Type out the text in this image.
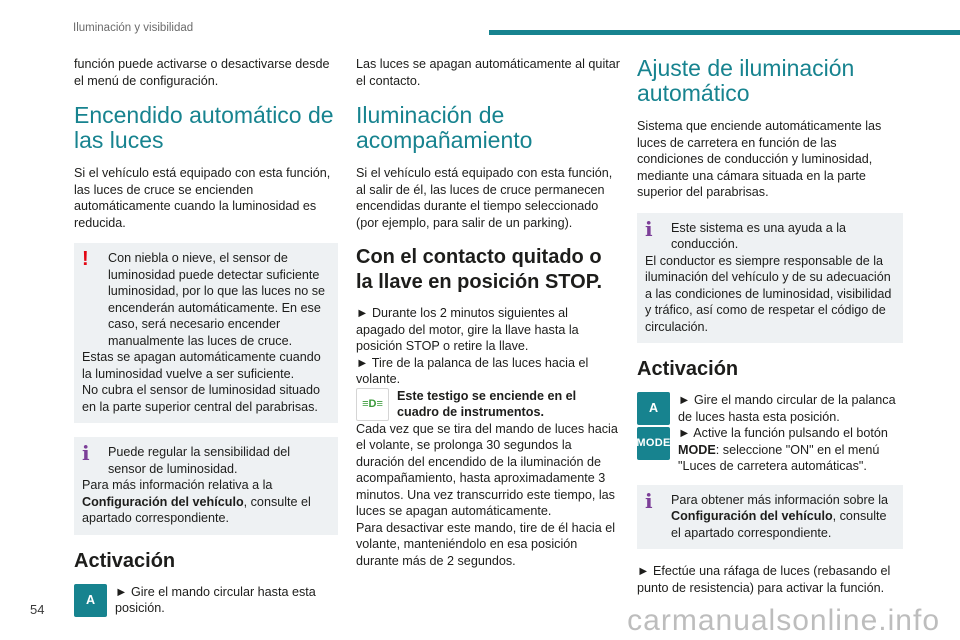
Iluminación y visibilidad

función puede activarse o desactivarse desde el menú de configuración.

Encendido automático de las luces

Si el vehículo está equipado con esta función, las luces de cruce se encienden automáticamente cuando la luminosidad es reducida.

!	Con niebla o nieve, el sensor de luminosidad puede detectar suficiente luminosidad, por lo que las luces no se encenderán automáticamente. En ese caso, será necesario encender manualmente las luces de cruce.
Estas se apagan automáticamente cuando la luminosidad vuelve a ser suficiente.
No cubra el sensor de luminosidad situado en la parte superior central del parabrisas.
i	Puede regular la sensibilidad del sensor de luminosidad.
Para más información relativa a la Configuración del vehículo, consulte el apartado correspondiente.
Activación
A
► Gire el mando circular hasta esta posición.

Las luces se apagan automáticamente al quitar el contacto.

Iluminación de acompañamiento

Si el vehículo está equipado con esta función, al salir de él, las luces de cruce permanecen encendidas durante el tiempo seleccionado (por ejemplo, para salir de un parking).

Con el contacto quitado o la llave en posición STOP.
► Durante los 2 minutos siguientes al apagado del motor, gire la llave hasta la posición STOP o retire la llave.
► Tire de la palanca de las luces hacia el volante.
≡D≡
Este testigo se enciende en el cuadro de instrumentos.
Cada vez que se tira del mando de luces hacia el volante, se prolonga 30 segundos la duración del encendido de la iluminación de acompañamiento, hasta aproximadamente 3 minutos. Una vez transcurrido este tiempo, las luces se apagan automáticamente.
Para desactivar este mando, tire de él hacia el volante, manteniéndolo en esa posición durante más de 2 segundos.
Ajuste de iluminación automático

Sistema que enciende automáticamente las luces de carretera en función de las condiciones de conducción y luminosidad, mediante una cámara situada en la parte superior del parabrisas.

i	Este sistema es una ayuda a la conducción.
El conductor es siempre responsable de la iluminación del vehículo y de su adecuación a las condiciones de luminosidad, visibilidad y tráfico, así como de respetar el código de circulación.
Activación
A
MODE
► Gire el mando circular de la palanca de luces hasta esta posición.
► Active la función pulsando el botón MODE: seleccione "ON" en el menú "Luces de carretera automáticas".
i	Para obtener más información sobre la Configuración del vehículo, consulte el apartado correspondiente.
► Efectúe una ráfaga de luces (rebasando el punto de resistencia) para activar la función.
54	carmanualsonline.info
